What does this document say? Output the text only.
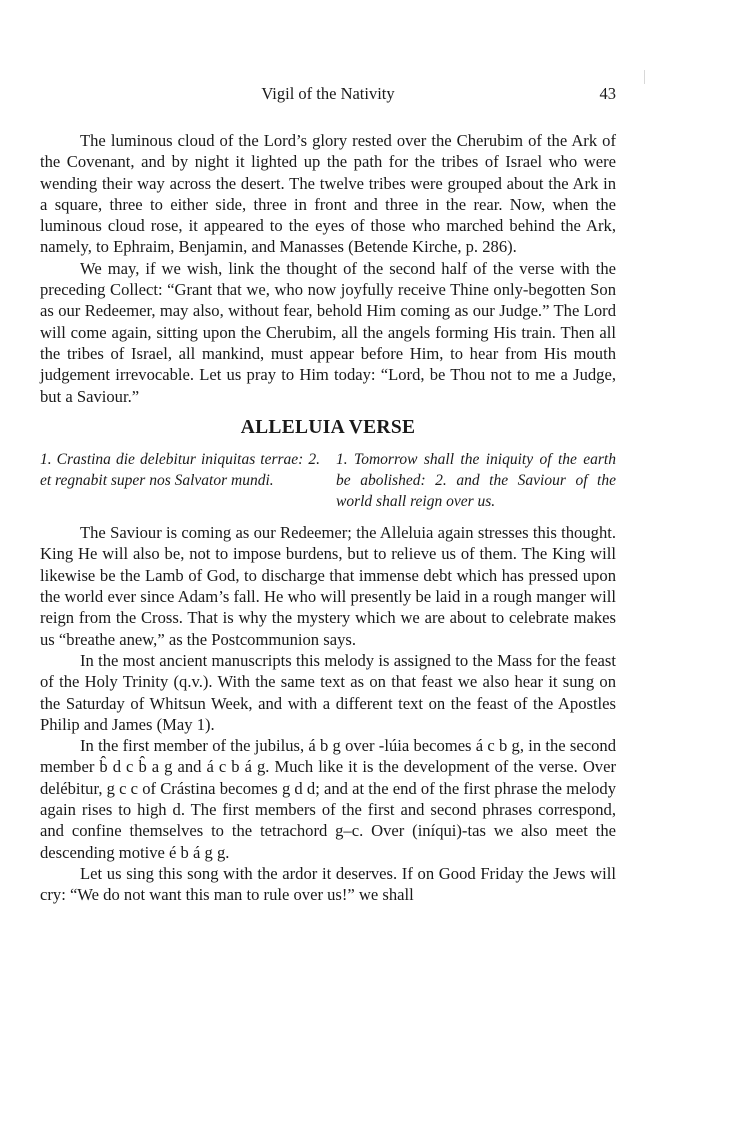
Vigil of the Nativity	43

The luminous cloud of the Lord’s glory rested over the Cherubim of the Ark of the Covenant, and by night it lighted up the path for the tribes of Israel who were wending their way across the desert. The twelve tribes were grouped about the Ark in a square, three to either side, three in front and three in the rear. Now, when the luminous cloud rose, it appeared to the eyes of those who marched behind the Ark, namely, to Ephraim, Benjamin, and Manasses (Betende Kirche, p. 286).

We may, if we wish, link the thought of the second half of the verse with the preceding Collect: “Grant that we, who now joyfully receive Thine only-begotten Son as our Redeemer, may also, without fear, behold Him coming as our Judge.” The Lord will come again, sitting upon the Cherubim, all the angels forming His train. Then all the tribes of Israel, all mankind, must appear before Him, to hear from His mouth judgement irrevocable. Let us pray to Him today: “Lord, be Thou not to me a Judge, but a Saviour.”

ALLELUIA VERSE
1. Crastina die delebitur iniquitas terrae: 2. et regnabit super nos Salvator mundi.
1. Tomorrow shall the iniquity of the earth be abolished: 2. and the Saviour of the world shall reign over us.

The Saviour is coming as our Redeemer; the Alleluia again stresses this thought. King He will also be, not to impose burdens, but to relieve us of them. The King will likewise be the Lamb of God, to discharge that immense debt which has pressed upon the world ever since Adam’s fall. He who will presently be laid in a rough manger will reign from the Cross. That is why the mystery which we are about to celebrate makes us “breathe anew,” as the Postcommunion says.

In the most ancient manuscripts this melody is assigned to the Mass for the feast of the Holy Trinity (q.v.). With the same text as on that feast we also hear it sung on the Saturday of Whitsun Week, and with a different text on the feast of the Apostles Philip and James (May 1).

In the first member of the jubilus, á b g over -lúia becomes á c b g, in the second member b̂ d c b̂ a g and á c b á g. Much like it is the development of the verse. Over delébitur, g c c of Crástina becomes g d d; and at the end of the first phrase the melody again rises to high d. The first members of the first and second phrases correspond, and confine themselves to the tetrachord g–c. Over (iníqui)-tas we also meet the descending motive é b á g g.

Let us sing this song with the ardor it deserves. If on Good Friday the Jews will cry: “We do not want this man to rule over us!” we shall
